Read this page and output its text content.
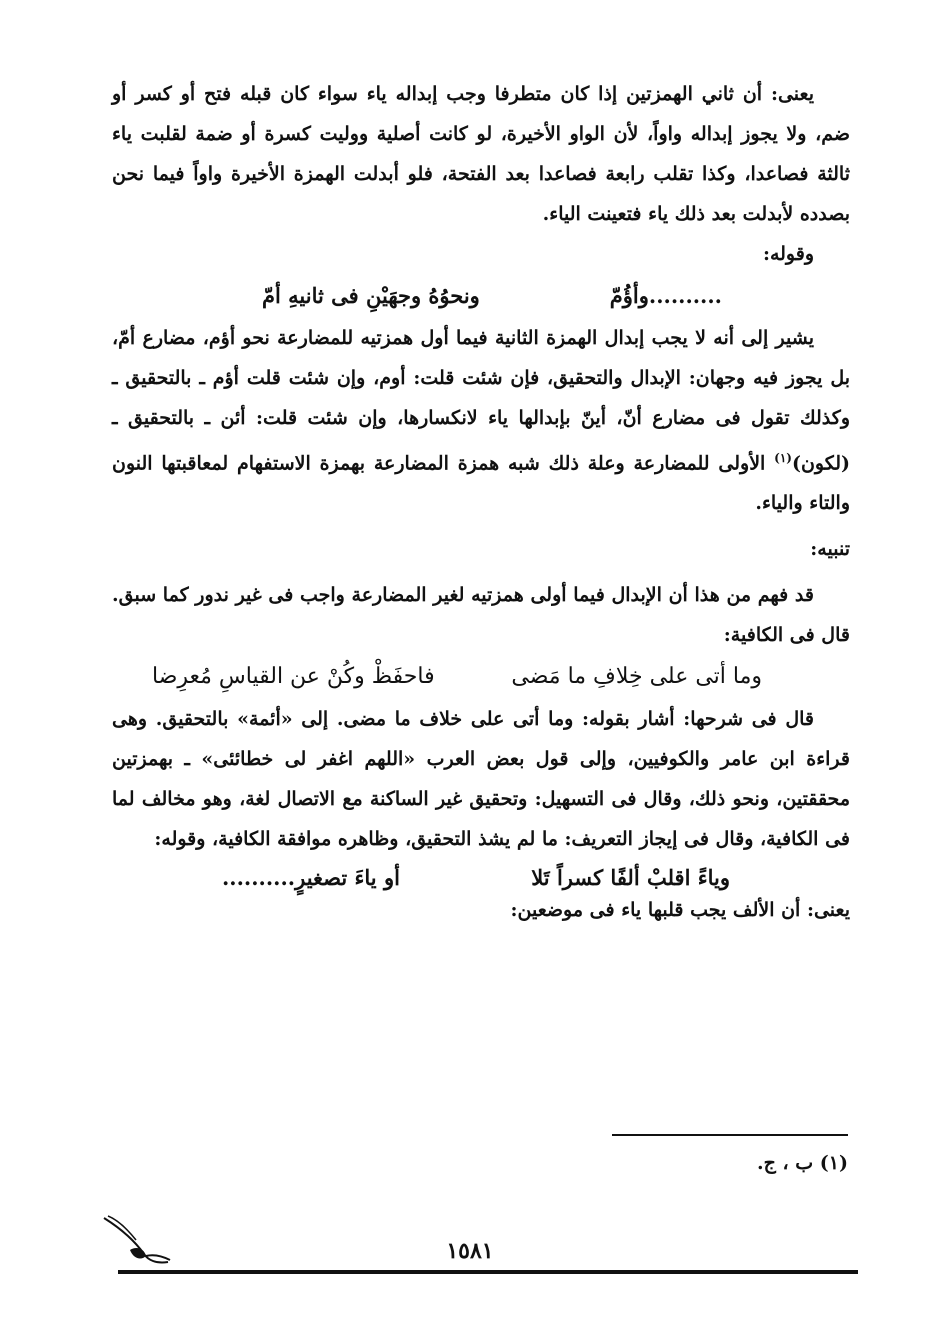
يعنى: أن ثاني الهمزتين إذا كان متطرفا وجب إبداله ياء سواء كان قبله فتح أو كسر أو ضم، ولا يجوز إبداله واواً، لأن الواو الأخيرة، لو كانت أصلية ووليت كسرة أو ضمة لقلبت ياء ثالثة فصاعدا، وكذا تقلب رابعة فصاعدا بعد الفتحة، فلو أبدلت الهمزة الأخيرة واواً فيما نحن بصدده لأبدلت بعد ذلك ياء فتعينت الياء.

وقوله:

..........وأؤُمّ
ونحوُهُ وجهَيْنِ فى ثانيهِ أمّ

يشير إلى أنه لا يجب إبدال الهمزة الثانية فيما أول همزتيه للمضارعة نحو أؤم، مضارع أمّ، بل يجوز فيه وجهان: الإبدال والتحقيق، فإن شئت قلت: أوم، وإن شئت قلت أؤم ـ بالتحقيق ـ وكذلك تقول فى مضارع أنّ، أينّ بإبدالها ياء لانكسارها، وإن شئت قلت: أئن ـ بالتحقيق ـ (لكون)$^{(١)}$ الأولى للمضارعة وعلة ذلك شبه همزة المضارعة بهمزة الاستفهام لمعاقبتها النون والتاء والياء.

تنبيه:

قد فهم من هذا أن الإبدال فيما أولى همزتيه لغير المضارعة واجب فى غير ندور كما سبق. قال فى الكافية:

وما أتى على خِلافِ ما مَضى
فاحفَظْ وكُنْ عن القياسِ مُعرِضا

قال فى شرحها: أشار بقوله: وما أتى على خلاف ما مضى. إلى «أئمة» بالتحقيق. وهى قراءة ابن عامر والكوفيين، وإلى قول بعض العرب «اللهم اغفر لى خطائئى» ـ بهمزتين محققتين، ونحو ذلك، وقال فى التسهيل: وتحقيق غير الساكنة مع الاتصال لغة، وهو مخالف لما فى الكافية، وقال فى إيجاز التعريف: ما لم يشذ التحقيق، وظاهره موافقة الكافية، وقوله:

وياءً اقلبْ ألفًا كسراً تَلا
أو ياءَ تصغيرٍ..........

يعنى: أن الألف يجب قلبها ياء فى موضعين:

(١) ب ، ج.
١٥٨١
